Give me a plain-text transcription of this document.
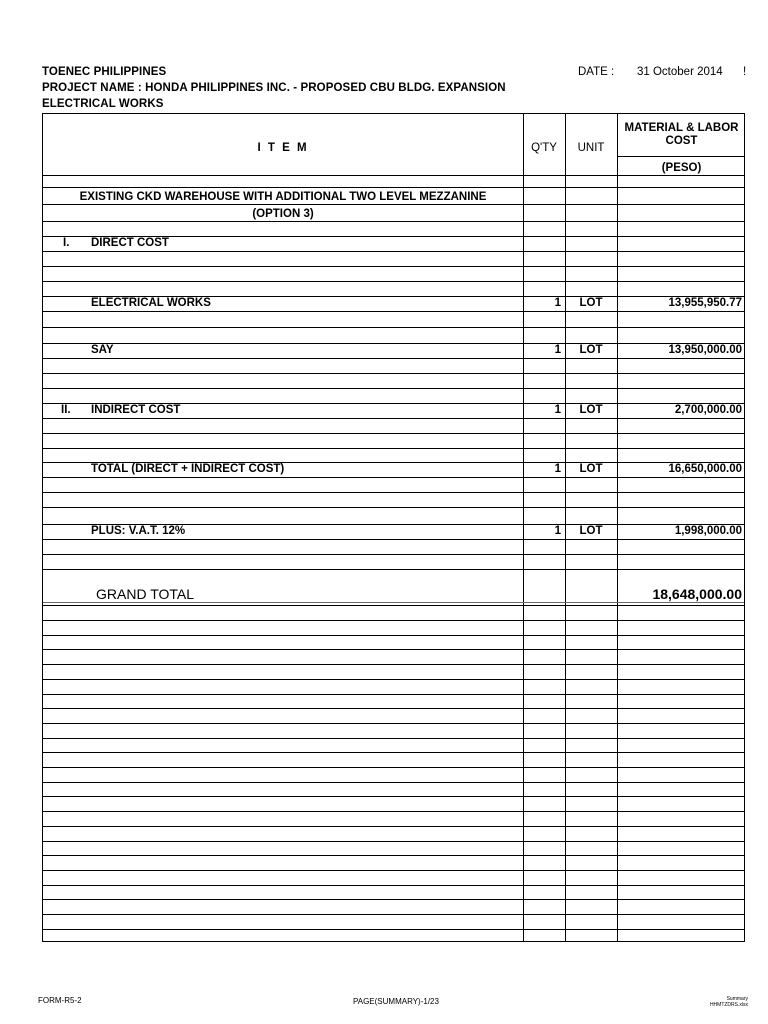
TOENEC PHILIPPINES
PROJECT NAME : HONDA PHILIPPINES INC. - PROPOSED CBU BLDG. EXPANSION
ELECTRICAL WORKS
DATE : 31 October 2014 !
I T E M	Q'TY	UNIT
MATERIAL & LABOR
COST
(PESO)
EXISTING CKD WAREHOUSE WITH ADDITIONAL TWO LEVEL MEZZANINE
(OPTION 3)
I. DIRECT COST
ELECTRICAL WORKS	1	LOT	13,955,950.77
SAY	1	LOT	13,950,000.00
II. INDIRECT COST	1	LOT	2,700,000.00
TOTAL (DIRECT + INDIRECT COST)	1	LOT	16,650,000.00
PLUS: V.A.T. 12%	1	LOT	1,998,000.00
GRAND TOTAL	18,648,000.00
FORM-R5-2	PAGE(SUMMARY)-1/23	Summary
HHMTZDRS.xlsx
